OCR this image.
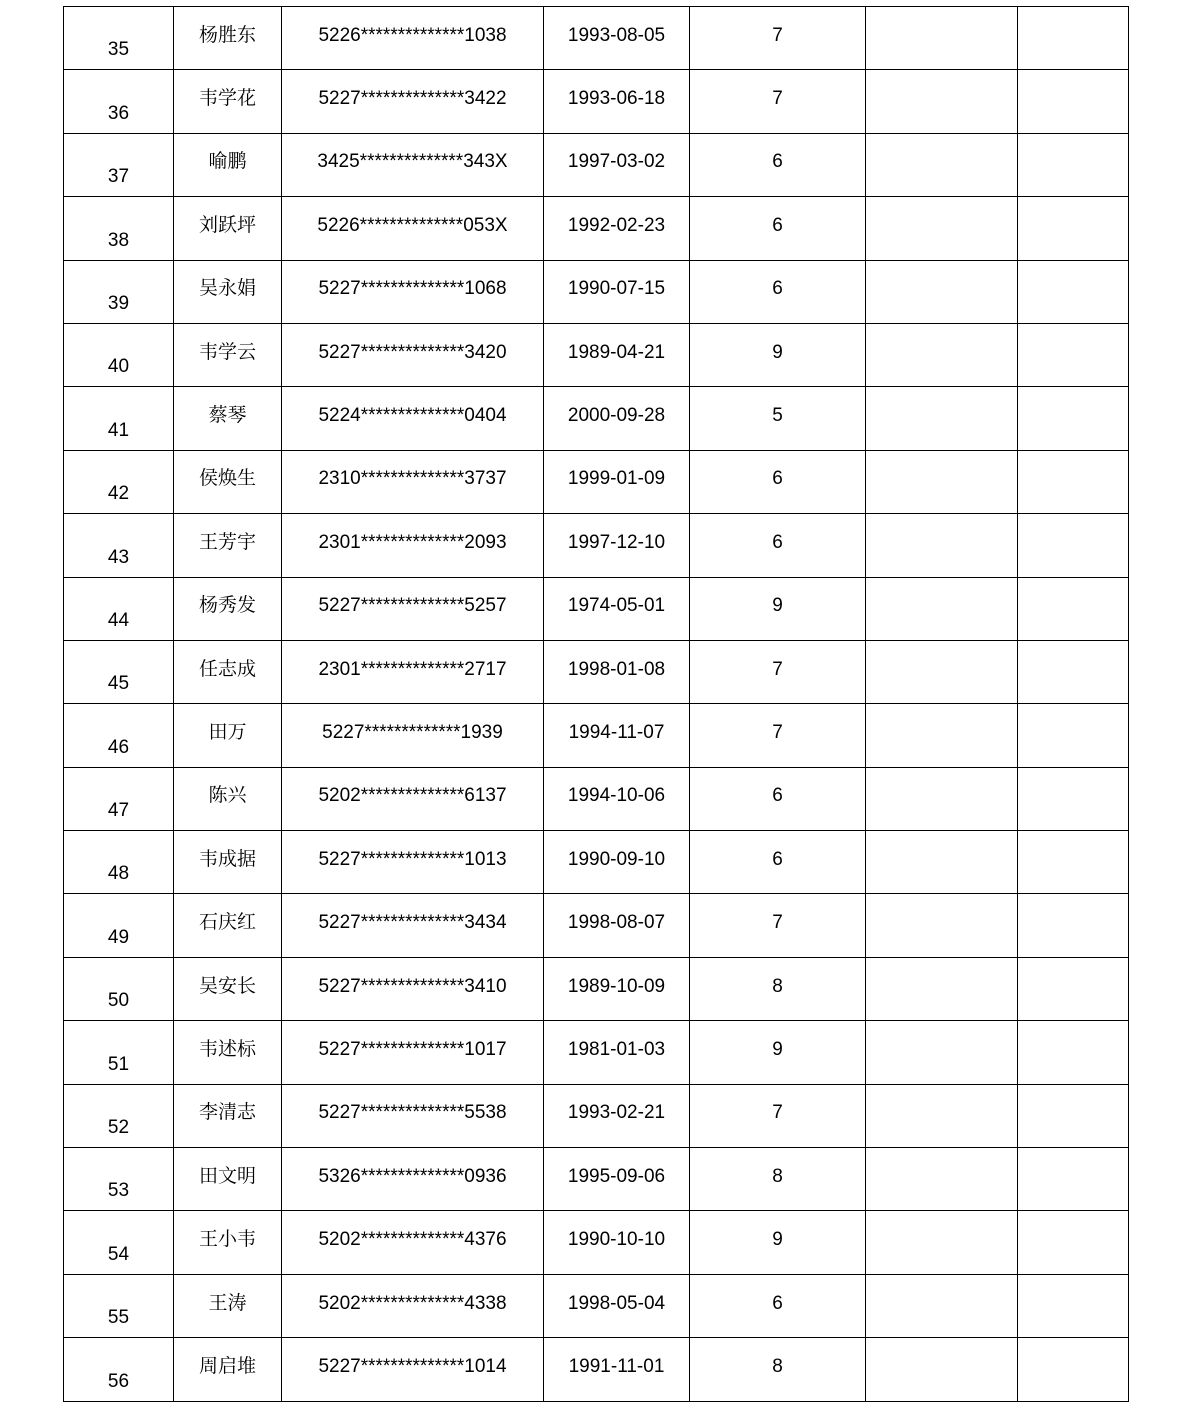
35	杨胜东	5226**************1038	1993-08-05	7		
36	韦学花	5227**************3422	1993-06-18	7		
37	喻鹏	3425**************343X	1997-03-02	6		
38	刘跃坪	5226**************053X	1992-02-23	6		
39	吴永娟	5227**************1068	1990-07-15	6		
40	韦学云	5227**************3420	1989-04-21	9		
41	蔡琴	5224**************0404	2000-09-28	5		
42	侯焕生	2310**************3737	1999-01-09	6		
43	王芳宇	2301**************2093	1997-12-10	6		
44	杨秀发	5227**************5257	1974-05-01	9		
45	任志成	2301**************2717	1998-01-08	7		
46	田万	5227*************1939	1994-11-07	7		
47	陈兴	5202**************6137	1994-10-06	6		
48	韦成据	5227**************1013	1990-09-10	6		
49	石庆红	5227**************3434	1998-08-07	7		
50	吴安长	5227**************3410	1989-10-09	8		
51	韦述标	5227**************1017	1981-01-03	9		
52	李清志	5227**************5538	1993-02-21	7		
53	田文明	5326**************0936	1995-09-06	8		
54	王小韦	5202**************4376	1990-10-10	9		
55	王涛	5202**************4338	1998-05-04	6		
56	周启堆	5227**************1014	1991-11-01	8		
